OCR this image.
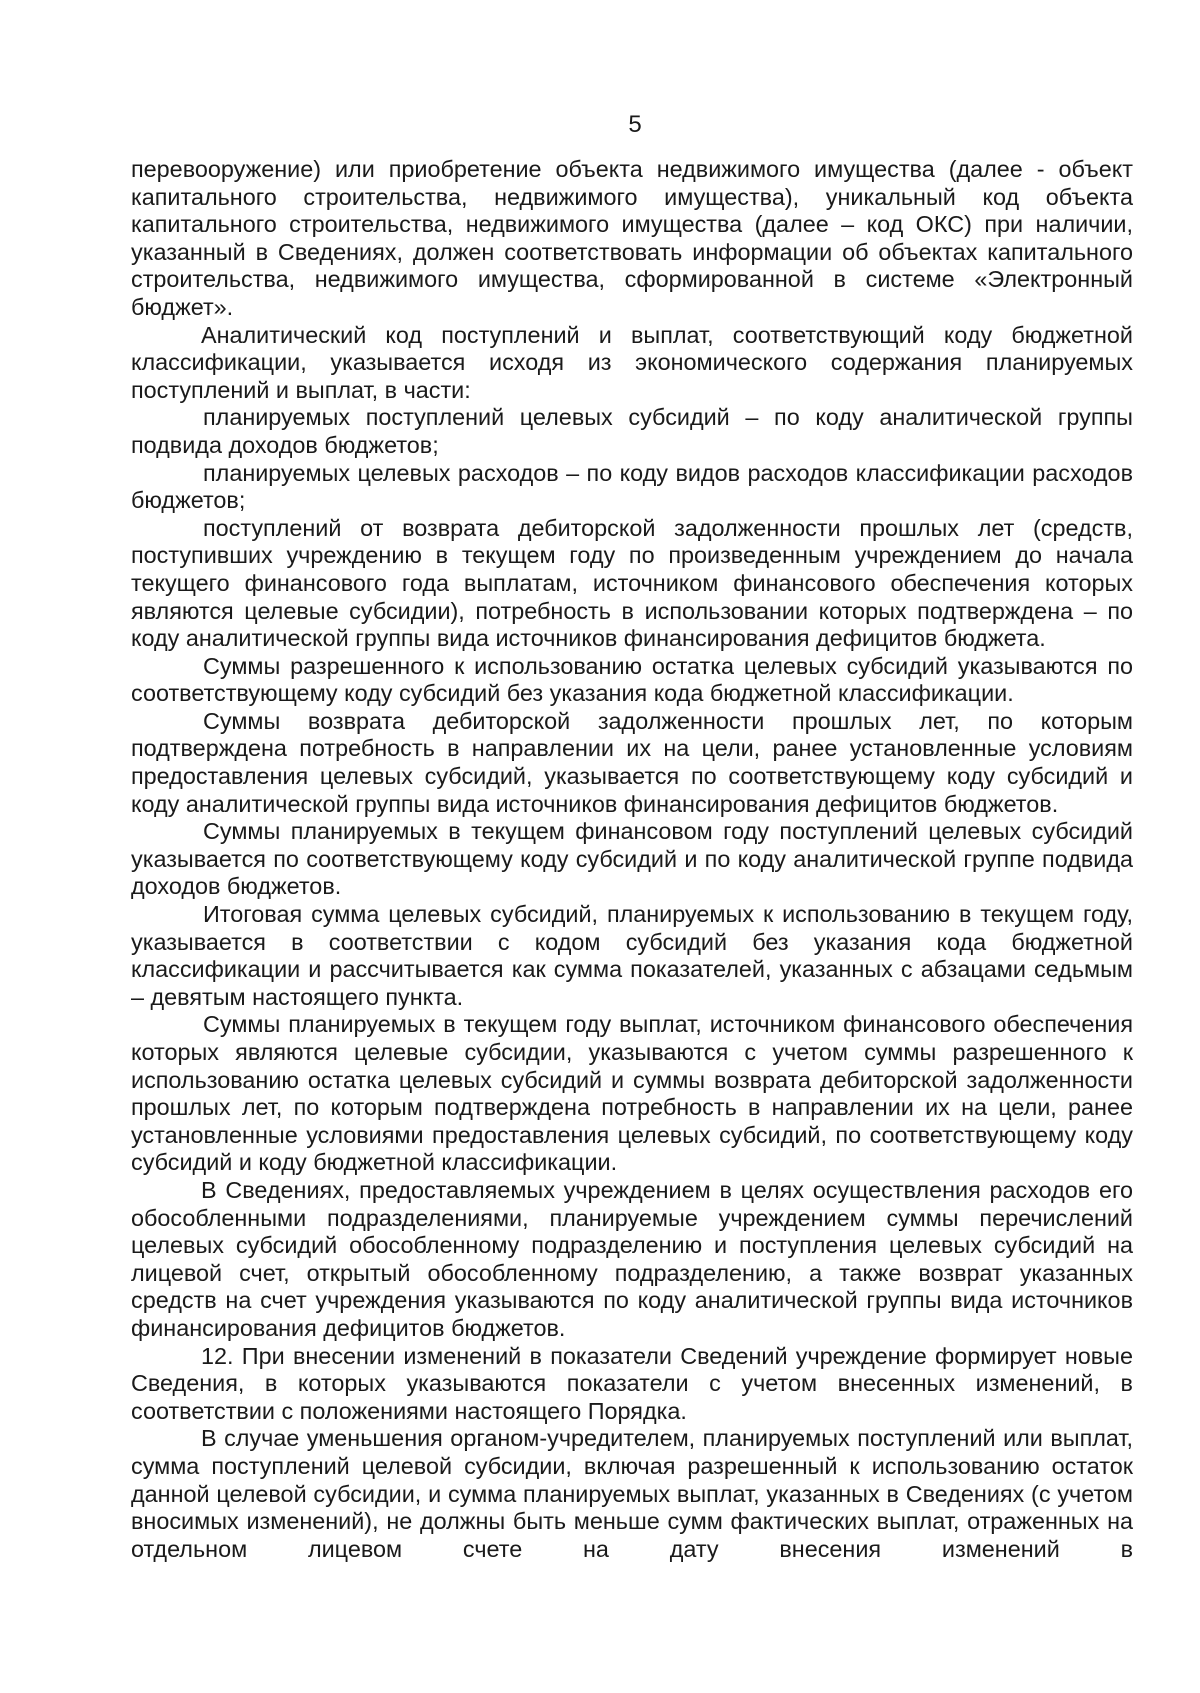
5

перевооружение) или приобретение объекта недвижимого имущества (далее - объект капитального строительства, недвижимого имущества), уникальный код объекта капитального строительства, недвижимого имущества (далее – код ОКС) при наличии, указанный в Сведениях, должен соответствовать информации об объектах капитального строительства, недвижимого имущества, сформированной в системе «Электронный бюджет».

Аналитический код поступлений и выплат, соответствующий коду бюджетной классификации, указывается исходя из экономического содержания планируемых поступлений и выплат, в части:

планируемых поступлений целевых субсидий – по коду аналитической группы подвида доходов бюджетов;

планируемых целевых расходов – по коду видов расходов классификации расходов бюджетов;

поступлений от возврата дебиторской задолженности прошлых лет (средств, поступивших учреждению в текущем году по произведенным учреждением до начала текущего финансового года выплатам, источником финансового обеспечения которых являются целевые субсидии), потребность в использовании которых подтверждена – по коду аналитической группы вида источников финансирования дефицитов бюджета.

Суммы разрешенного к использованию остатка целевых субсидий указываются по соответствующему коду субсидий без указания кода бюджетной классификации.

Суммы возврата дебиторской задолженности прошлых лет, по которым подтверждена потребность в направлении их на цели, ранее установленные условиям предоставления целевых субсидий, указывается по соответствующему коду субсидий и коду аналитической группы вида источников финансирования дефицитов бюджетов.

Суммы планируемых в текущем финансовом году поступлений целевых субсидий указывается по соответствующему коду субсидий и по коду аналитической группе подвида доходов бюджетов.

Итоговая сумма целевых субсидий, планируемых к использованию в текущем году, указывается в соответствии с кодом субсидий без указания кода бюджетной классификации и рассчитывается как сумма показателей, указанных с абзацами седьмым – девятым настоящего пункта.

Суммы планируемых в текущем году выплат, источником финансового обеспечения которых являются целевые субсидии, указываются с учетом суммы разрешенного к использованию остатка целевых субсидий и суммы возврата дебиторской задолженности прошлых лет, по которым подтверждена потребность в направлении их на цели, ранее установленные условиями предоставления целевых субсидий, по соответствующему коду субсидий и коду бюджетной классификации.

В Сведениях, предоставляемых учреждением в целях осуществления расходов его обособленными подразделениями, планируемые учреждением суммы перечислений целевых субсидий обособленному подразделению и поступления целевых субсидий на лицевой счет, открытый обособленному подразделению, а также возврат указанных средств на счет учреждения указываются по коду аналитической группы вида источников финансирования дефицитов бюджетов.

12. При внесении изменений в показатели Сведений учреждение формирует новые Сведения, в которых указываются показатели с учетом внесенных изменений, в соответствии с положениями настоящего Порядка.

В случае уменьшения органом-учредителем, планируемых поступлений или выплат, сумма поступлений целевой субсидии, включая разрешенный к использованию остаток данной целевой субсидии, и сумма планируемых выплат, указанных в Сведениях (с учетом вносимых изменений), не должны быть меньше сумм фактических выплат, отраженных на отдельном лицевом счете на дату внесения изменений в
